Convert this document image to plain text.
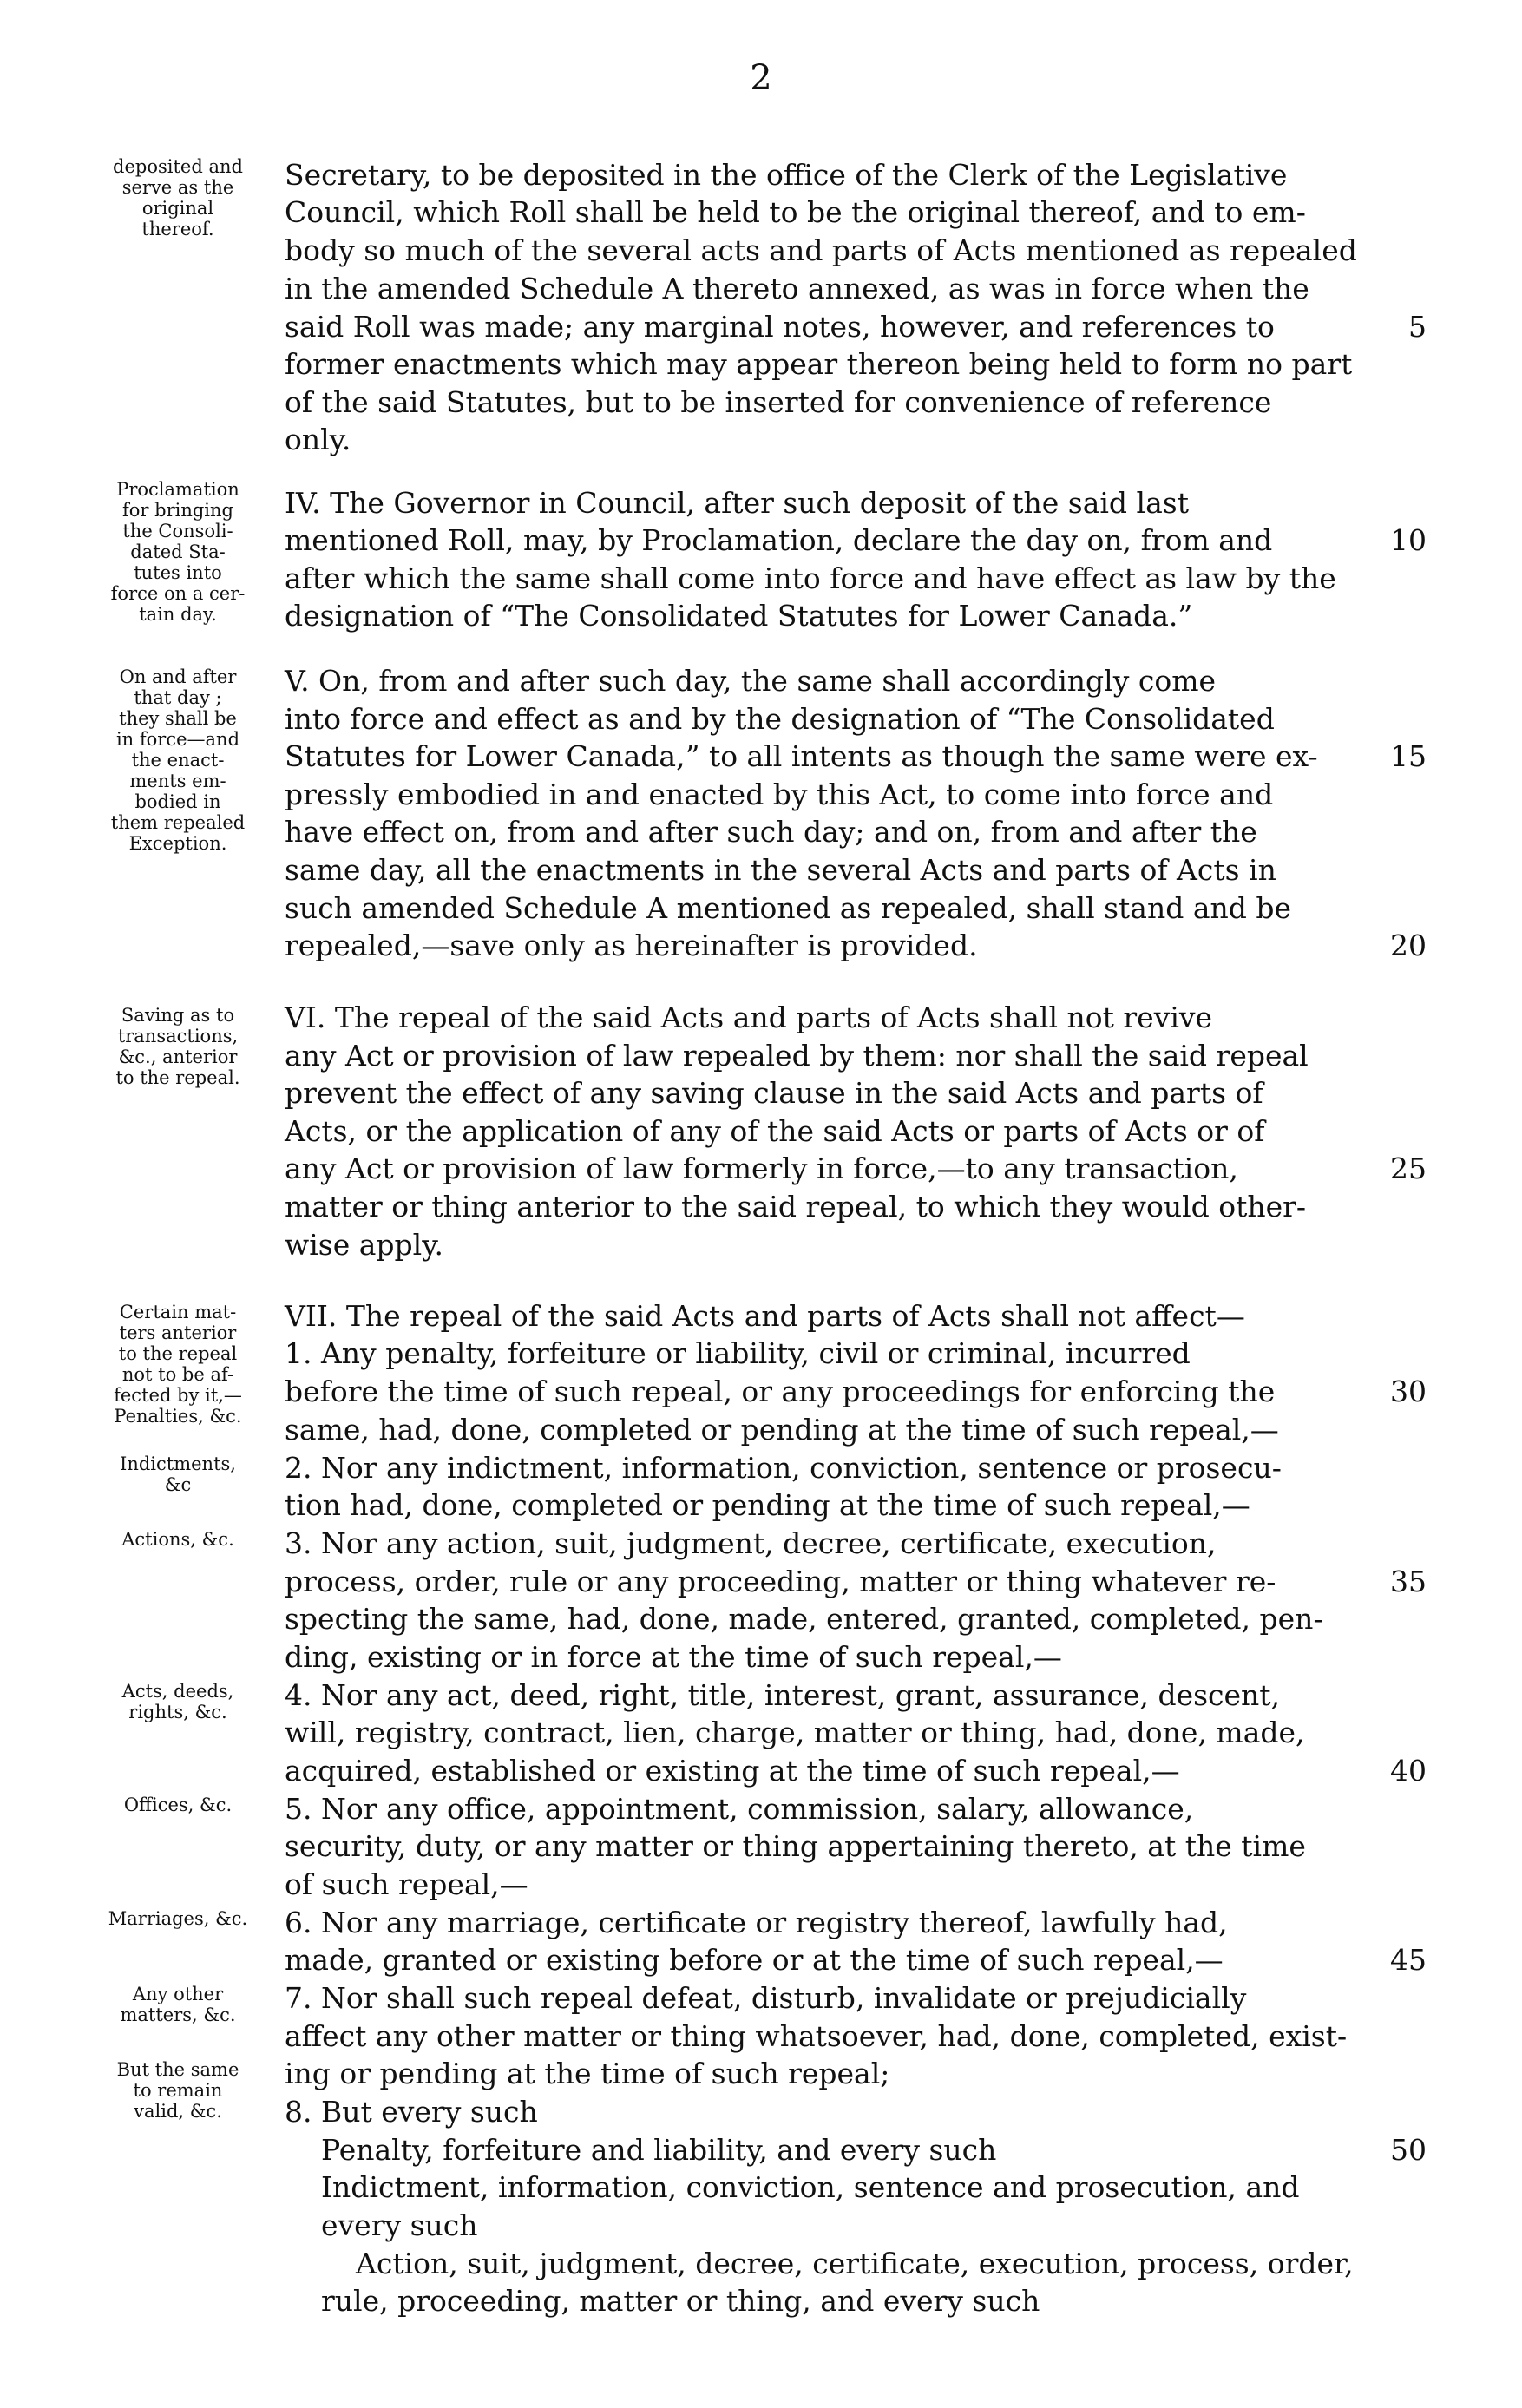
2
deposited and
serve as the
original
thereof.
Proclamation
for bringing
the Consoli-
dated Sta-
tutes into
force on a cer-
tain day.
On and after
that day ;
they shall be
in force—and
the enact-
ments em-
bodied in
them repealed
Exception.
Saving as to
transactions,
&c., anterior
to the repeal.
Certain mat-
ters anterior
to the repeal
not to be af-
fected by it,—
Penalties, &c.
Indictments,
&c
Actions, &c.
Acts, deeds,
rights, &c.
Offices, &c.
Marriages, &c.
Any other
matters, &c.
But the same
to remain
valid, &c.
Secretary, to be deposited in the office of the Clerk of the Legislative
Council, which Roll shall be held to be the original thereof, and to em-
body so much of the several acts and parts of Acts mentioned as repealed
in the amended Schedule A thereto annexed, as was in force when the
said Roll was made; any marginal notes, however, and references to
former enactments which may appear thereon being held to form no part
of the said Statutes, but to be inserted for convenience of reference
only.
IV. The Governor in Council, after such deposit of the said last
mentioned Roll, may, by Proclamation, declare the day on, from and
after which the same shall come into force and have effect as law by the
designation of “The Consolidated Statutes for Lower Canada.”
V. On, from and after such day, the same shall accordingly come
into force and effect as and by the designation of “The Consolidated
Statutes for Lower Canada,” to all intents as though the same were ex-
pressly embodied in and enacted by this Act, to come into force and
have effect on, from and after such day; and on, from and after the
same day, all the enactments in the several Acts and parts of Acts in
such amended Schedule A mentioned as repealed, shall stand and be
repealed,—save only as hereinafter is provided.
VI. The repeal of the said Acts and parts of Acts shall not revive
any Act or provision of law repealed by them: nor shall the said repeal
prevent the effect of any saving clause in the said Acts and parts of
Acts, or the application of any of the said Acts or parts of Acts or of
any Act or provision of law formerly in force,—to any transaction,
matter or thing anterior to the said repeal, to which they would other-
wise apply.
VII. The repeal of the said Acts and parts of Acts shall not affect—
1. Any penalty, forfeiture or liability, civil or criminal, incurred
before the time of such repeal, or any proceedings for enforcing the
same, had, done, completed or pending at the time of such repeal,—
2. Nor any indictment, information, conviction, sentence or prosecu-
tion had, done, completed or pending at the time of such repeal,—
3. Nor any action, suit, judgment, decree, certificate, execution,
process, order, rule or any proceeding, matter or thing whatever re-
specting the same, had, done, made, entered, granted, completed, pen-
ding, existing or in force at the time of such repeal,—
4. Nor any act, deed, right, title, interest, grant, assurance, descent,
will, registry, contract, lien, charge, matter or thing, had, done, made,
acquired, established or existing at the time of such repeal,—
5. Nor any office, appointment, commission, salary, allowance,
security, duty, or any matter or thing appertaining thereto, at the time
of such repeal,—
6. Nor any marriage, certificate or registry thereof, lawfully had,
made, granted or existing before or at the time of such repeal,—
7. Nor shall such repeal defeat, disturb, invalidate or prejudicially
affect any other matter or thing whatsoever, had, done, completed, exist-
ing or pending at the time of such repeal;
8. But every such
Penalty, forfeiture and liability, and every such
Indictment, information, conviction, sentence and prosecution, and
every such
Action, suit, judgment, decree, certificate, execution, process, order,
rule, proceeding, matter or thing, and every such
5
10
15
20
25
30
35
40
45
50
